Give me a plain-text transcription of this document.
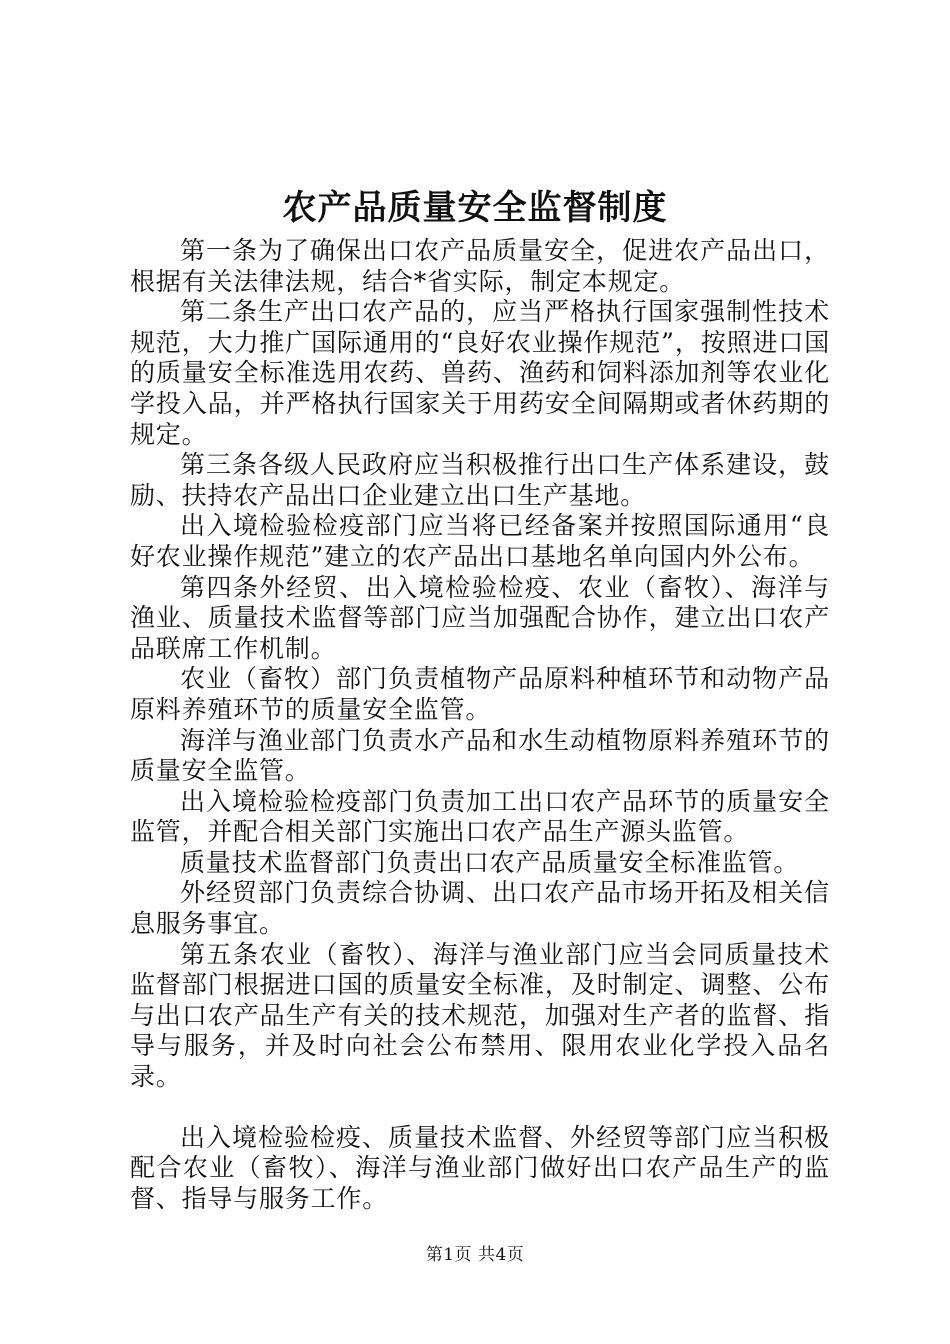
农产品质量安全监督制度

第一条为了确保出口农产品质量安全，促进农产品出口，根据有关法律法规，结合*省实际，制定本规定。

第二条生产出口农产品的，应当严格执行国家强制性技术规范，大力推广国际通用的“良好农业操作规范”，按照进口国的质量安全标准选用农药、兽药、渔药和饲料添加剂等农业化学投入品，并严格执行国家关于用药安全间隔期或者休药期的规定。

第三条各级人民政府应当积极推行出口生产体系建设，鼓励、扶持农产品出口企业建立出口生产基地。

出入境检验检疫部门应当将已经备案并按照国际通用“良好农业操作规范”建立的农产品出口基地名单向国内外公布。

第四条外经贸、出入境检验检疫、农业（畜牧）、海洋与渔业、质量技术监督等部门应当加强配合协作，建立出口农产品联席工作机制。

农业（畜牧）部门负责植物产品原料种植环节和动物产品原料养殖环节的质量安全监管。

海洋与渔业部门负责水产品和水生动植物原料养殖环节的质量安全监管。

出入境检验检疫部门负责加工出口农产品环节的质量安全监管，并配合相关部门实施出口农产品生产源头监管。

质量技术监督部门负责出口农产品质量安全标准监管。

外经贸部门负责综合协调、出口农产品市场开拓及相关信息服务事宜。

第五条农业（畜牧）、海洋与渔业部门应当会同质量技术监督部门根据进口国的质量安全标准，及时制定、调整、公布与出口农产品生产有关的技术规范，加强对生产者的监督、指导与服务，并及时向社会公布禁用、限用农业化学投入品名录。

出入境检验检疫、质量技术监督、外经贸等部门应当积极配合农业（畜牧）、海洋与渔业部门做好出口农产品生产的监督、指导与服务工作。

第1页 共4页
